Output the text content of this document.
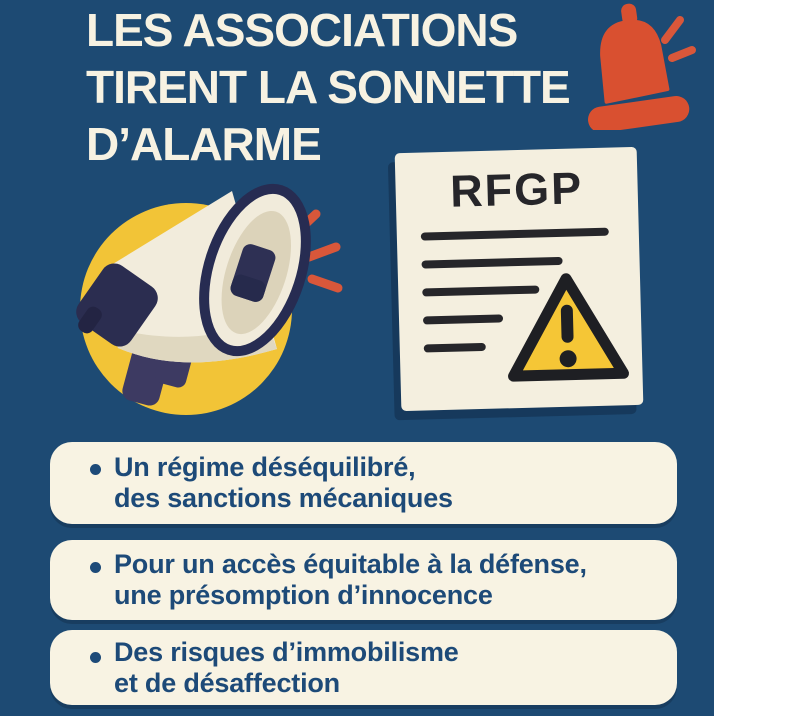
LES ASSOCIATIONS
TIRENT LA SONNETTE
D’ALARME
RFGP
Un régime déséquilibré,
des sanctions mécaniques
Pour un accès équitable à la défense,
une présomption d’innocence
Des risques d’immobilisme
et de désaffection
